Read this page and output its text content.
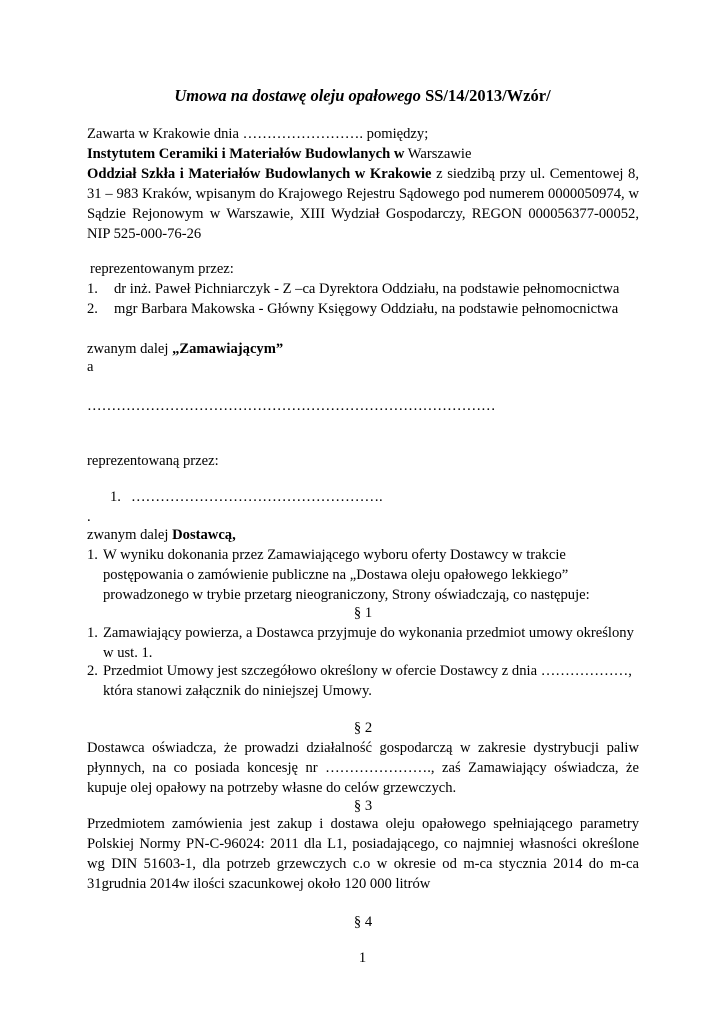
Umowa na dostawę oleju opałowego SS/14/2013/Wzór/
Zawarta w Krakowie dnia ……………………. pomiędzy;
Instytutem Ceramiki i Materiałów Budowlanych w Warszawie
Oddział Szkła i Materiałów Budowlanych w Krakowie z siedzibą przy ul. Cementowej 8, 31 – 983 Kraków, wpisanym do Krajowego Rejestru Sądowego pod numerem 0000050974, w Sądzie Rejonowym w Warszawie, XIII Wydział Gospodarczy, REGON 000056377-00052, NIP 525-000-76-26
reprezentowanym przez:
1.	dr inż. Paweł Pichniarczyk - Z –ca Dyrektora Oddziału, na podstawie pełnomocnictwa
2.	mgr Barbara Makowska - Główny Księgowy Oddziału, na podstawie pełnomocnictwa
zwanym dalej „Zamawiającym”
a
…………………………………………………………………………
reprezentowaną przez:
1. …………………………………………….
.
zwanym dalej Dostawcą,
1. W wyniku dokonania przez Zamawiającego wyboru oferty Dostawcy w trakcie postępowania o zamówienie publiczne na „Dostawa oleju opałowego lekkiego” prowadzonego w trybie przetarg nieograniczony, Strony oświadczają, co następuje:
§ 1
1. Zamawiający powierza, a Dostawca przyjmuje do wykonania przedmiot umowy określony w ust. 1.
2. Przedmiot Umowy jest szczegółowo określony w ofercie Dostawcy z dnia ………………, która stanowi załącznik do niniejszej Umowy.
§ 2
Dostawca oświadcza, że prowadzi działalność gospodarczą w zakresie dystrybucji paliw płynnych, na co posiada koncesję nr …………………., zaś Zamawiający oświadcza, że kupuje olej opałowy na potrzeby własne do celów grzewczych.
§ 3
Przedmiotem zamówienia jest zakup i dostawa oleju opałowego spełniającego parametry Polskiej Normy PN-C-96024: 2011 dla L1, posiadającego, co najmniej własności określone wg DIN 51603-1, dla potrzeb grzewczych c.o w okresie od m-ca stycznia 2014 do m-ca 31grudnia 2014w ilości szacunkowej około 120 000 litrów
§ 4
1
